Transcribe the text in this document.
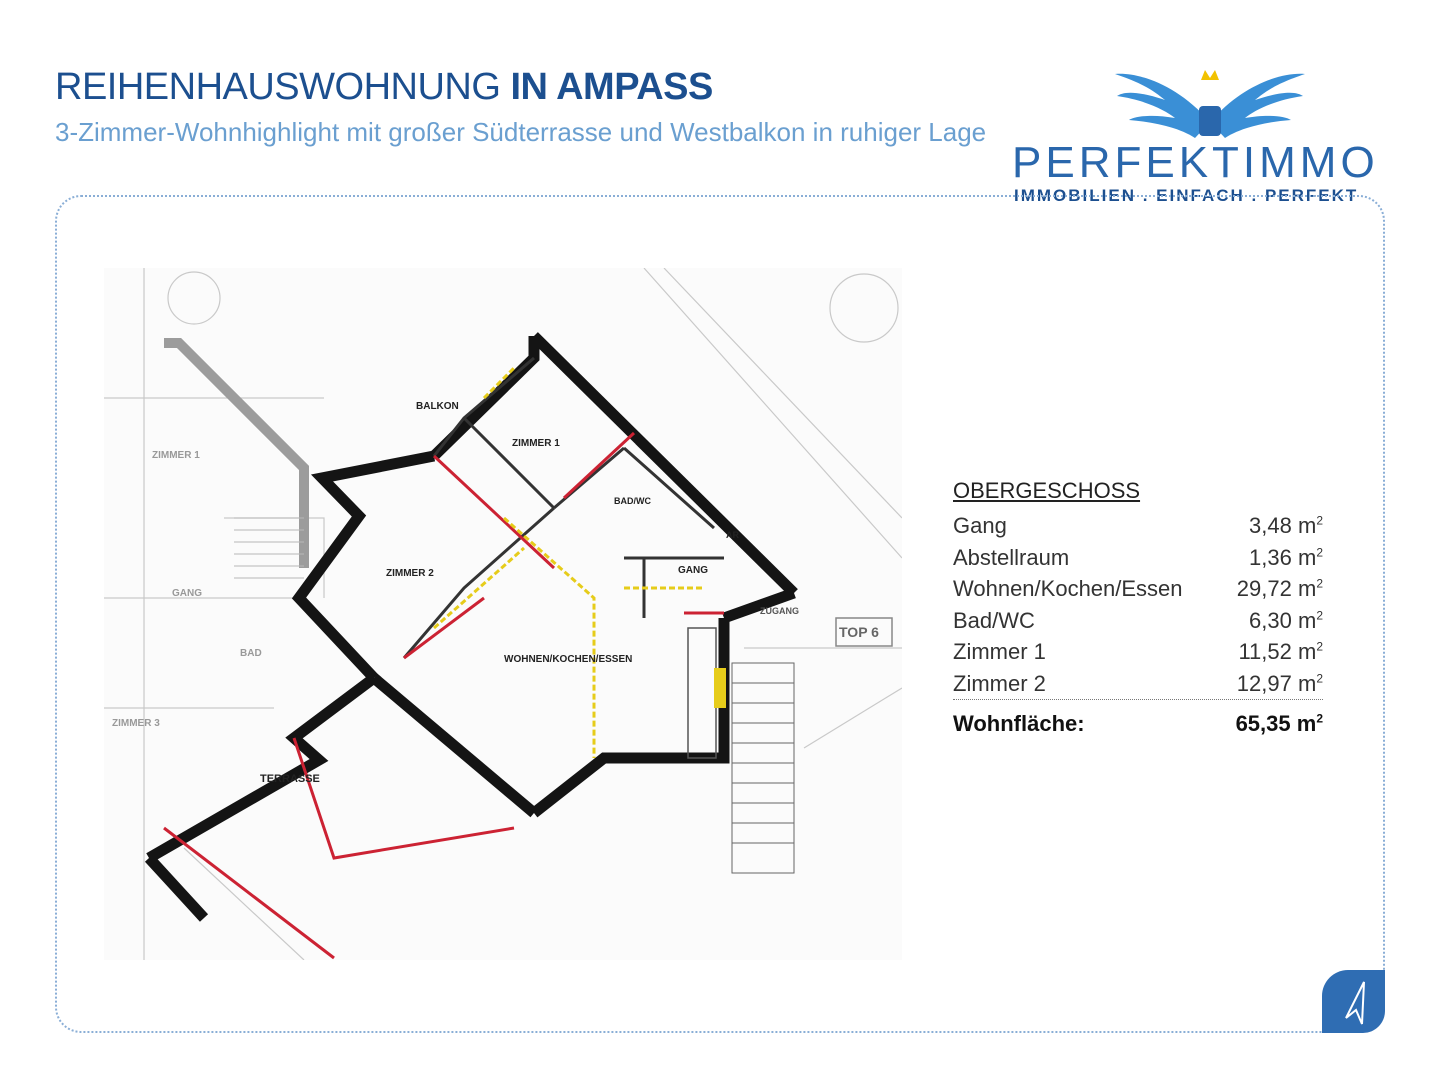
REIHENHAUSWOHNUNG IN AMPASS
3-Zimmer-Wohnhighlight mit großer Südterrasse und Westbalkon in ruhiger Lage
PERFEKTIMMO
IMMOBILIEN . EINFACH . PERFEKT
BALKON
ZIMMER 1
BAD/WC
AR
GANG
ZIMMER 2
WOHNEN/KOCHEN/ESSEN
TERRASSE
ZUGANG
TOP 6
ZIMMER 1
GANG
BAD
ZIMMER 3
OBERGESCHOSS
Gang	3,48 $m^2$
Abstellraum	1,36 $m^2$
Wohnen/Kochen/Essen 29,72 $m^2$
Bad/WC	6,30 $m^2$
Zimmer 1	11,52 $m^2$
Zimmer 2	12,97 $m^2$
Wohnfläche:	65,35 $m^2$
